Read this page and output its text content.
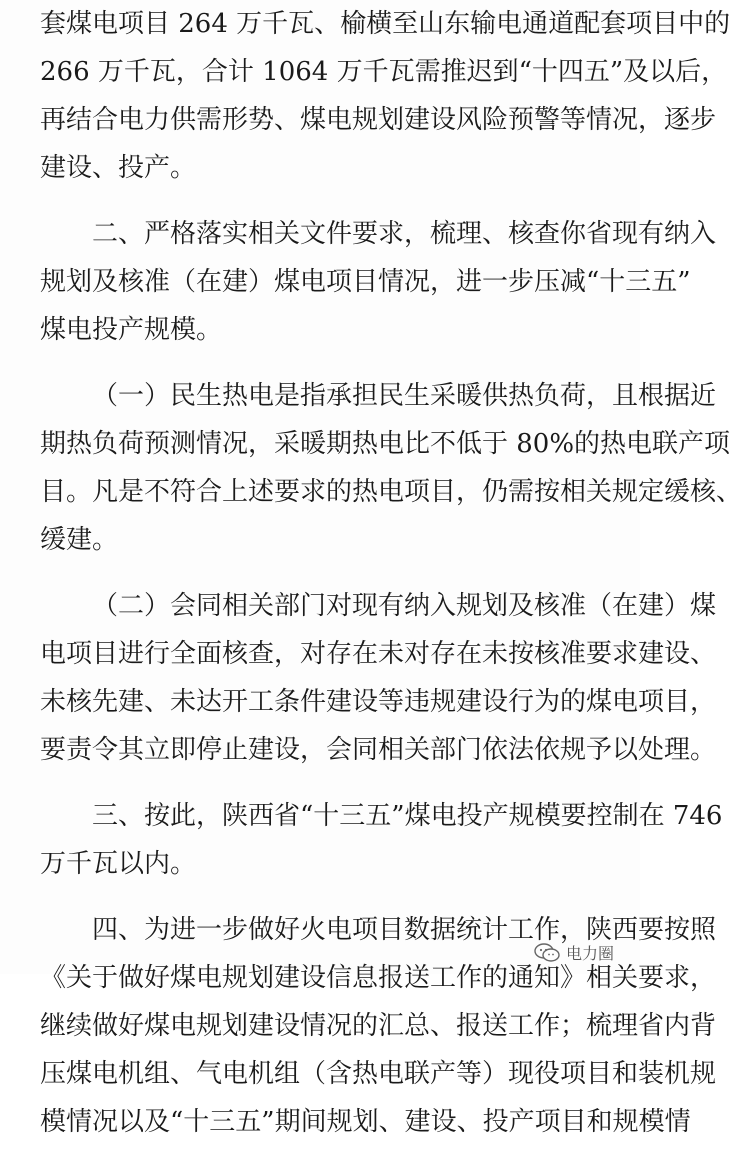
套煤电项目 264 万千瓦、榆横至山东输电通道配套项目中的
266 万千瓦，合计 1064 万千瓦需推迟到“十四五”及以后，
再结合电力供需形势、煤电规划建设风险预警等情况，逐步
建设、投产。
二、严格落实相关文件要求，梳理、核查你省现有纳入
规划及核准（在建）煤电项目情况，进一步压减“十三五”
煤电投产规模。
（一）民生热电是指承担民生采暖供热负荷，且根据近
期热负荷预测情况，采暖期热电比不低于 80%的热电联产项
目。凡是不符合上述要求的热电项目，仍需按相关规定缓核、
缓建。
（二）会同相关部门对现有纳入规划及核准（在建）煤
电项目进行全面核查，对存在未对存在未按核准要求建设、
未核先建、未达开工条件建设等违规建设行为的煤电项目，
要责令其立即停止建设，会同相关部门依法依规予以处理。
三、按此，陕西省“十三五”煤电投产规模要控制在 746
万千瓦以内。
四、为进一步做好火电项目数据统计工作，陕西要按照
《关于做好煤电规划建设信息报送工作的通知》相关要求，
继续做好煤电规划建设情况的汇总、报送工作；梳理省内背
压煤电机组、气电机组（含热电联产等）现役项目和装机规
模情况以及“十三五”期间规划、建设、投产项目和规模情
电力圈
